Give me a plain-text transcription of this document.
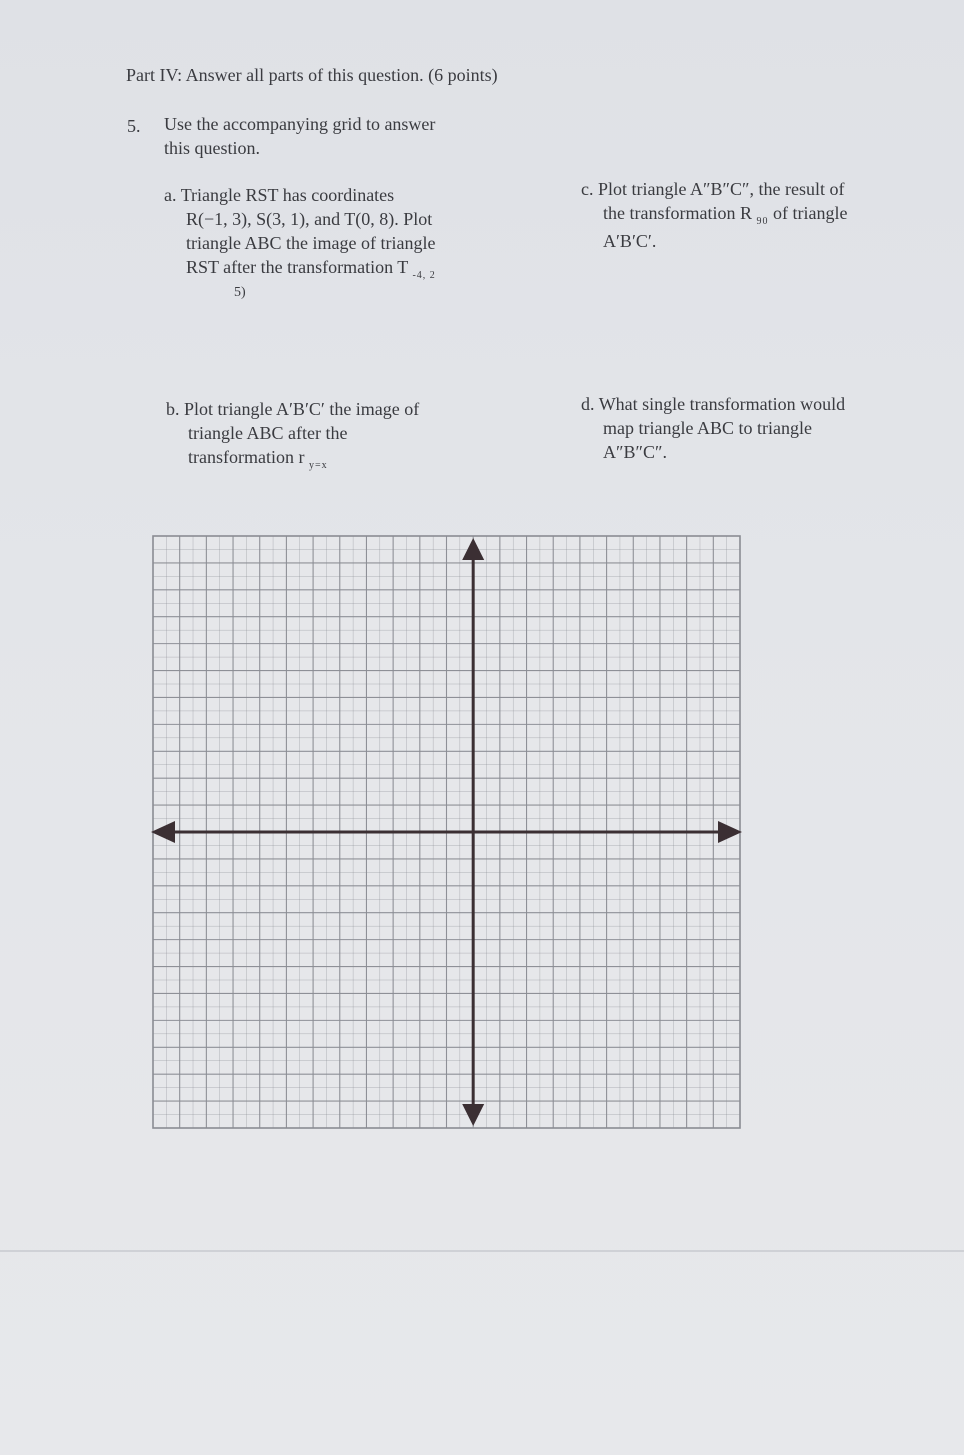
Part IV: Answer all parts of this question. (6 points)
5. Use the accompanying grid to answer
this question.
a. Triangle RST has coordinates
R(−1, 3), S(3, 1), and T(0, 8). Plot
triangle ABC the image of triangle
RST after the transformation T $_{-4, 2}$
5)
b. Plot triangle A′B′C′ the image of
triangle ABC after the
transformation r $_{y=x}$
c. Plot triangle A″B″C″, the result of
the transformation R $_{90}$ of triangle
A′B′C′.
d. What single transformation would
map triangle ABC to triangle
A″B″C″.
